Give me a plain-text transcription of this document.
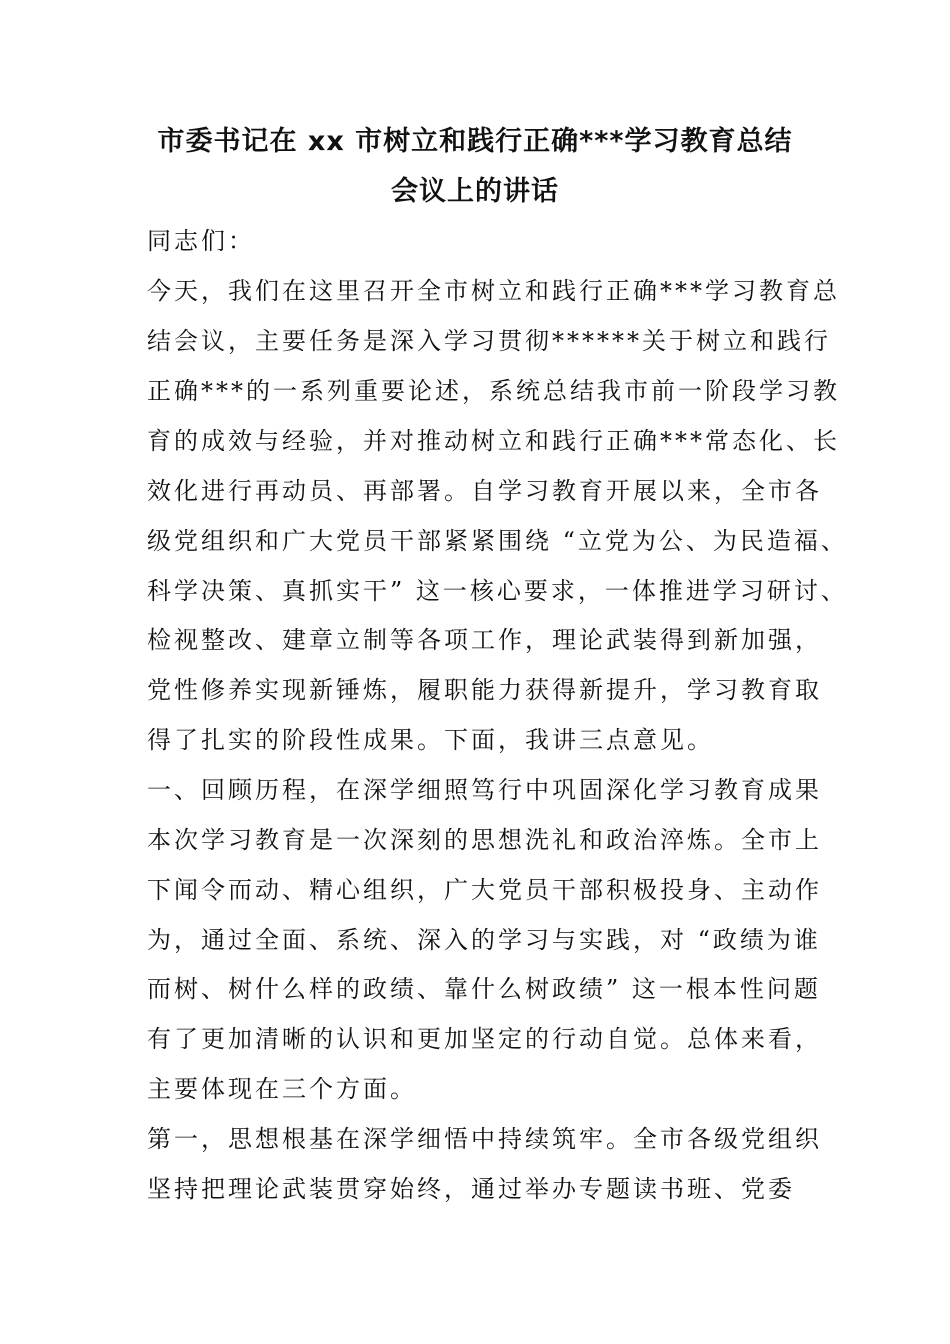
市委书记在 xx 市树立和践行正确***学习教育总结
会议上的讲话

同志们：

今天，我们在这里召开全市树立和践行正确***学习教育总

结会议，主要任务是深入学习贯彻******关于树立和践行

正确***的一系列重要论述，系统总结我市前一阶段学习教

育的成效与经验，并对推动树立和践行正确***常态化、长

效化进行再动员、再部署。自学习教育开展以来，全市各

级党组织和广大党员干部紧紧围绕 “立党为公、为民造福、

科学决策、真抓实干” 这一核心要求，一体推进学习研讨、

检视整改、建章立制等各项工作，理论武装得到新加强，

党性修养实现新锤炼，履职能力获得新提升，学习教育取

得了扎实的阶段性成果。下面，我讲三点意见。

一、回顾历程，在深学细照笃行中巩固深化学习教育成果

本次学习教育是一次深刻的思想洗礼和政治淬炼。全市上

下闻令而动、精心组织，广大党员干部积极投身、主动作

为，通过全面、系统、深入的学习与实践，对 “政绩为谁

而树、树什么样的政绩、靠什么树政绩” 这一根本性问题

有了更加清晰的认识和更加坚定的行动自觉。总体来看，

主要体现在三个方面。

第一，思想根基在深学细悟中持续筑牢。全市各级党组织

坚持把理论武装贯穿始终，通过举办专题读书班、党委
